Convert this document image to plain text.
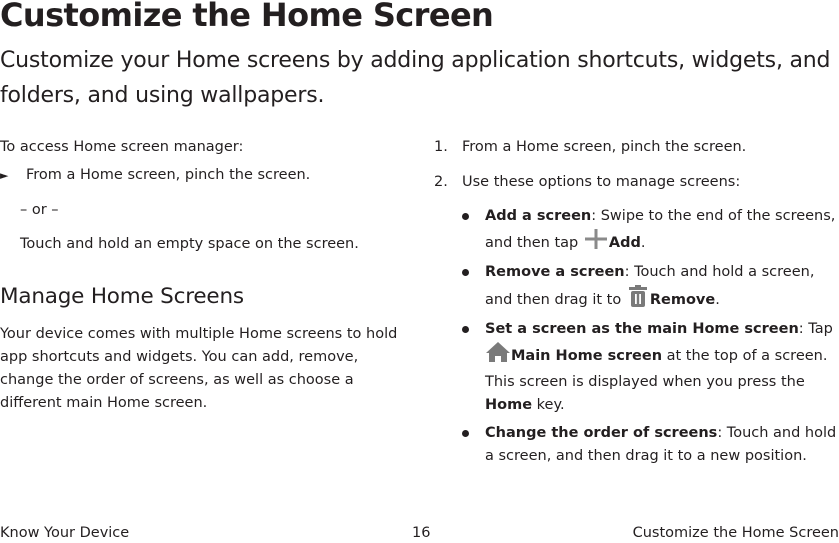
Customize the Home Screen
Customize your Home screens by adding application shortcuts, widgets, and folders, and using wallpapers.

To access Home screen manager:

► From a Home screen, pinch the screen.

– or –

Touch and hold an empty space on the screen.

Manage Home Screens

Your device comes with multiple Home screens to hold app shortcuts and widgets. You can add, remove, change the order of screens, as well as choose a different main Home screen.

1. From a Home screen, pinch the screen.
2. Use these options to manage screens:

Add a screen: Swipe to the end of the screens, and then tap Add.

Remove a screen: Touch and hold a screen, and then drag it to Remove.

Set a screen as the main Home screen: Tap
Main Home screen at the top of a screen. This screen is displayed when you press the Home key.

Change the order of screens: Touch and hold a screen, and then drag it to a new position.

Know Your Device	16	Customize the Home Screen
